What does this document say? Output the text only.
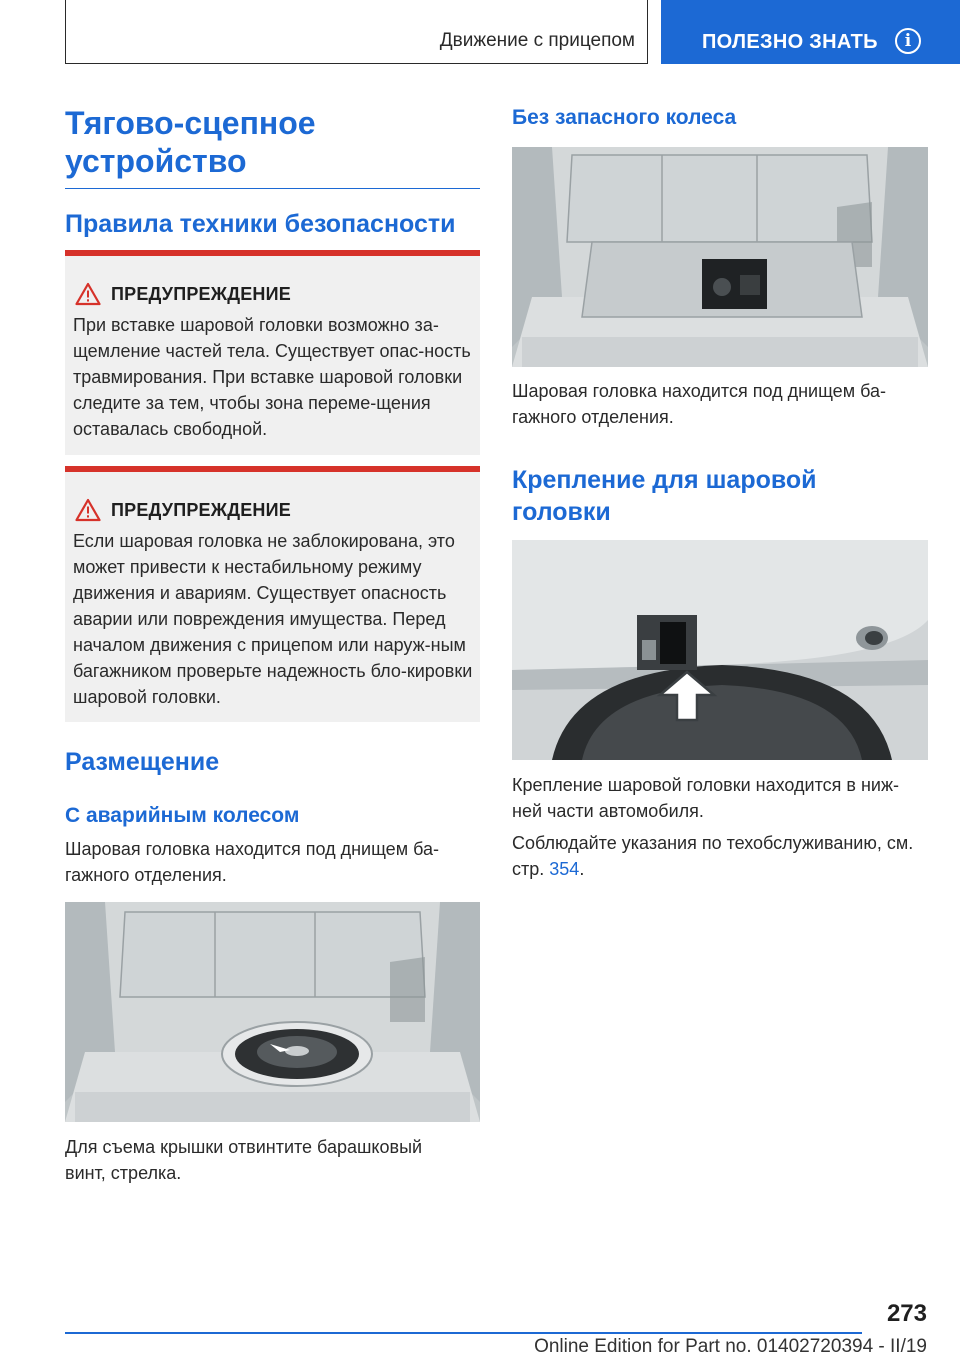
Движение с прицепом	ПОЛЕЗНО ЗНАТЬ	i
Тягово-сцепное устройство
Правила техники безопасности
ПРЕДУПРЕЖДЕНИЕ
При вставке шаровой головки возможно за-щемление частей тела. Существует опас-ность травмирования. При вставке шаровой головки следите за тем, чтобы зона переме-щения оставалась свободной.
ПРЕДУПРЕЖДЕНИЕ
Если шаровая головка не заблокирована, это может привести к нестабильному режиму движения и авариям. Существует опасность аварии или повреждения имущества. Перед началом движения с прицепом или наруж-ным багажником проверьте надежность бло-кировки шаровой головки.
Размещение
С аварийным колесом
Шаровая головка находится под днищем ба-гажного отделения.
Для съема крышки отвинтите барашковый винт, стрелка.
Без запасного колеса
Шаровая головка находится под днищем ба-гажного отделения.
Крепление для шаровой головки
Крепление шаровой головки находится в ниж-ней части автомобиля.
Соблюдайте указания по техобслуживанию, см. стр. 354.
273
Online Edition for Part no. 01402720394 - II/19
